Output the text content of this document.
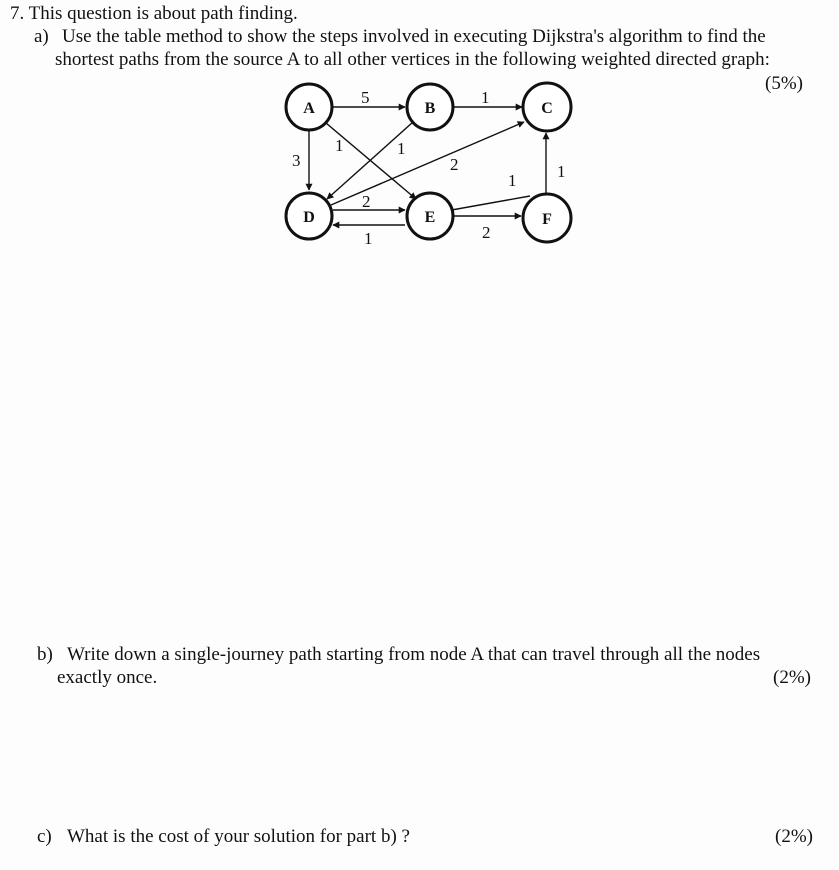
7. This question is about path finding.
a) Use the table method to show the steps involved in executing Dijkstra's algorithm to find the
shortest paths from the source A to all other vertices in the following weighted directed graph:
(5%)
5	1
3
1	1
2
1 1
2
1	2
A	B	C
D	E	F
b) Write down a single-journey path starting from node A that can travel through all the nodes
exactly once.	(2%)
c) What is the cost of your solution for part b) ?	(2%)
